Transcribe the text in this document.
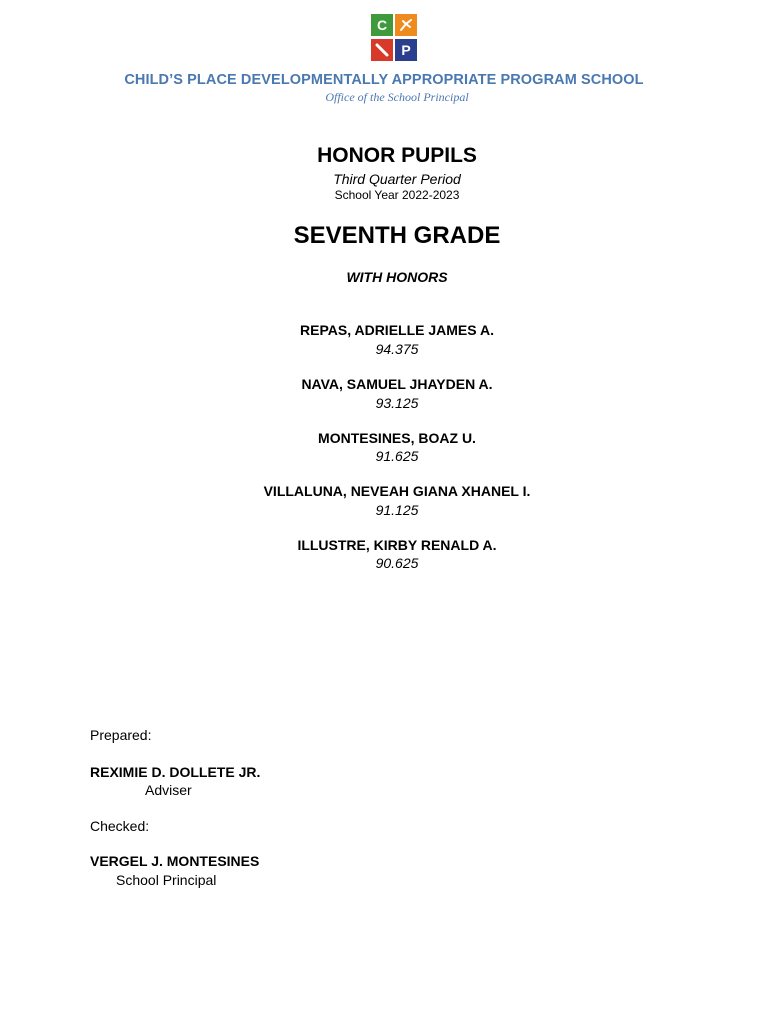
C
P
CHILD’S PLACE DEVELOPMENTALLY APPROPRIATE PROGRAM SCHOOL
Office of the School Principal
HONOR PUPILS
Third Quarter Period
School Year 2022-2023
SEVENTH GRADE
WITH HONORS
REPAS, ADRIELLE JAMES A.
94.375
NAVA, SAMUEL JHAYDEN A.
93.125
MONTESINES, BOAZ U.
91.625
VILLALUNA, NEVEAH GIANA XHANEL I.
91.125
ILLUSTRE, KIRBY RENALD A.
90.625
Prepared:
REXIMIE D. DOLLETE JR.
Adviser
Checked:
VERGEL J. MONTESINES
School Principal
